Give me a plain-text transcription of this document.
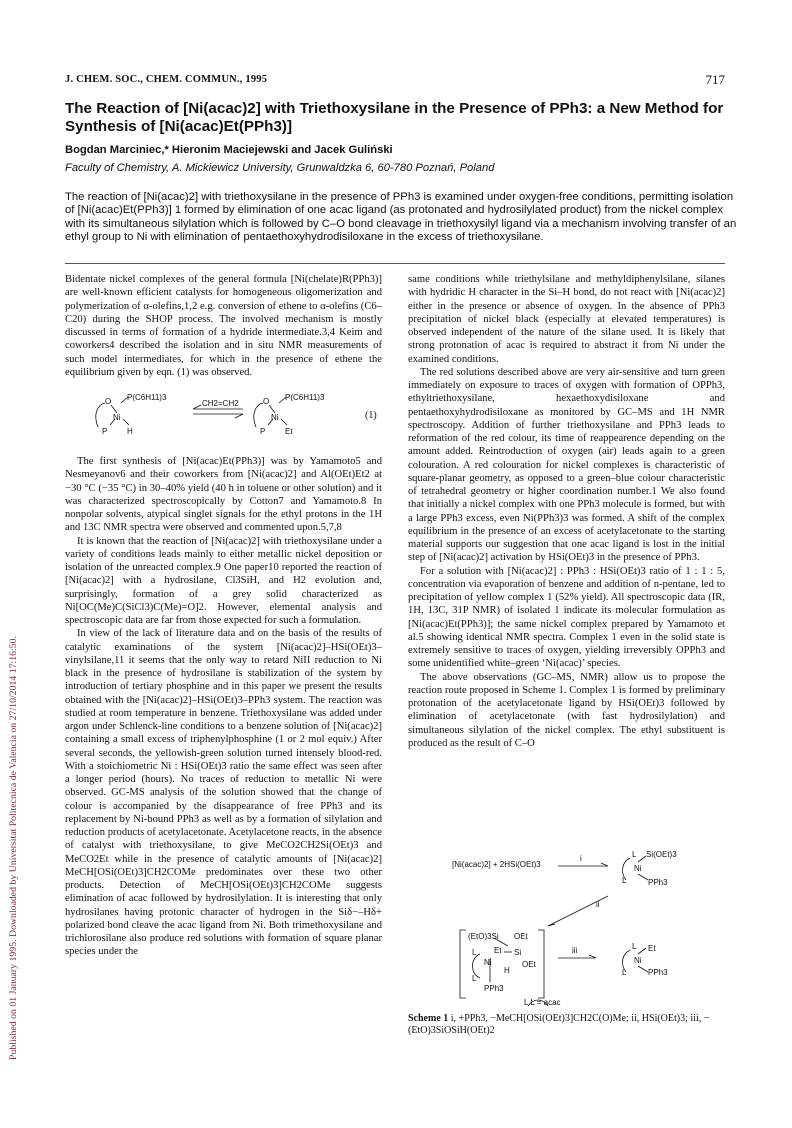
Published on 01 January 1995. Downloaded by Universitat Politecnica de Valencia on 27/10/2014 17:16:50.
J. CHEM. SOC., CHEM. COMMUN., 1995	717
The Reaction of [Ni(acac)2] with Triethoxysilane in the Presence of PPh3: a New Method for Synthesis of [Ni(acac)Et(PPh3)]
Bogdan Marciniec,* Hieronim Maciejewski and Jacek Guliński
Faculty of Chemistry, A. Mickiewicz University, Grunwaldzka 6, 60-780 Poznań, Poland
The reaction of [Ni(acac)2] with triethoxysilane in the presence of PPh3 is examined under oxygen-free conditions, permitting isolation of [Ni(acac)Et(PPh3)] 1 formed by elimination of one acac ligand (as protonated and hydrosilylated product) from the nickel complex with its simultaneous silylation which is followed by C–O bond cleavage in triethoxysilyl ligand via a mechanism involving transfer of an ethyl group to Ni with elimination of pentaethoxyhydrodisiloxane in the excess of triethoxysilane.

Bidentate nickel complexes of the general formula [Ni(chelate)R(PPh3)] are well-known efficient catalysts for homogeneous oligomerization and polymerization of α-olefins,1,2 e.g. conversion of ethene to α-olefins (C6–C20) during the SHOP process. The involved mechanism is mostly discussed in terms of formation of a hydride intermediate.3,4 Keim and coworkers4 described the isolation and in situ NMR measurements of such model intermediates, for which in the presence of ethene the equilibrium given by eqn. (1) was observed.

O P(C6H11)3
Ni
P H
CH2=CH2	O P(C6H11)3
Ni
P Et
(1)

The first synthesis of [Ni(acac)Et(PPh3)] was by Yamamoto5 and Nesmeyanov6 and their coworkers from [Ni(acac)2] and Al(OEt)Et2 at −30 °C (−35 °C) in 30–40% yield (40 h in toluene or other solution) and it was characterized spectroscopically by Cotton7 and Yamamoto.8 In nonpolar solvents, atypical singlet signals for the ethyl protons in the 1H and 13C NMR spectra were observed and commented upon.5,7,8

It is known that the reaction of [Ni(acac)2] with triethoxysilane under a variety of conditions leads mainly to either metallic nickel deposition or isolation of the unreacted complex.9 One paper10 reported the reaction of [Ni(acac)2] with a hydrosilane, Cl3SiH, and H2 evolution and, surprisingly, formation of a grey solid characterized as Ni[OC(Me)C(SiCl3)C(Me)=O]2. However, elemental analysis and spectroscopic data are far from those expected for such a formulation.

In view of the lack of literature data and on the basis of the results of catalytic examinations of the system [Ni(acac)2]–HSi(OEt)3–vinylsilane,11 it seems that the only way to retard NiII reduction to Ni black in the presence of hydrosilane is stabilization of the system by introduction of tertiary phosphine and in this paper we present the results obtained with the [Ni(acac)2]–HSi(OEt)3–PPh3 system. The reaction was studied at room temperature in benzene. Triethoxysilane was added under argon under Schlenck-line conditions to a benzene solution of [Ni(acac)2] containing a small excess of triphenylphosphine (1 or 2 mol equiv.) After several seconds, the yellowish-green solution turned intensely blood-red. With a stoichiometric Ni : HSi(OEt)3 ratio the same effect was seen after a longer period (hours). No traces of reduction to metallic Ni were observed. GC-MS analysis of the solution showed that the change of colour is accompanied by the disappearance of free PPh3 and its replacement by Ni-bound PPh3 as well as by a formation of silylation and reduction products of acetylacetonate. Acetylacetone reacts, in the absence of catalyst with triethoxysilane, to give MeCO2CH2Si(OEt)3 and MeCO2Et while in the presence of catalytic amounts of [Ni(acac)2] MeCH[OSi(OEt)3]CH2COMe predominates over these two other products. Detection of MeCH[OSi(OEt)3]CH2COMe suggests elimination of acac followed by hydrosilylation. It is interesting that only hydrosilanes having protonic character of hydrogen in the Siδ−–Hδ+ polarized bond cleave the acac ligand from Ni. Both trimethoxysilane and trichlorosilane also produce red solutions with formation of square planar species under the

same conditions while triethylsilane and methyldiphenylsilane, silanes with hydridic H character in the Si–H bond, do not react with [Ni(acac)2] either in the presence or absence of oxygen. In the absence of PPh3 precipitation of nickel black (especially at elevated temperatures) is observed independent of the nature of the silane used. It is likely that strong protonation of acac is required to abstract it from Ni under the examined conditions.

The red solutions described above are very air-sensitive and turn green immediately on exposure to traces of oxygen with formation of OPPh3, ethyltriethoxysilane, hexaethoxydisiloxane and pentaethoxyhydrodisiloxane as monitored by GC–MS and 1H NMR spectroscopy. Addition of further triethoxysilane and PPh3 leads to reformation of the red colour, its time of reappearence depending on the amount added. Reintroduction of oxygen (air) leads again to a green colouration. A red colouration for nickel complexes is characteristic of square-planar geometry, as opposed to a green–blue colour characteristic of tetrahedral geometry or higher coordination number.1 We also found that initially a nickel complex with one PPh3 molecule is formed, but with a large PPh3 excess, even Ni(PPh3)3 was formed. A shift of the complex equilibrium in the presence of an excess of acetylacetonate to the starting material supports our suggestion that one acac ligand is lost in the initial step of [Ni(acac)2] activation by HSi(OEt)3 in the presence of PPh3.

For a solution with [Ni(acac)2] : PPh3 : HSi(OEt)3 ratio of 1 : 1 : 5, concentration via evaporation of benzene and addition of n-pentane, led to precipitation of yellow complex 1 (52% yield). All spectroscopic data (IR, 1H, 13C, 31P NMR) of isolated 1 indicate its molecular formulation as [Ni(acac)Et(PPh3)]; the same nickel complex prepared by Yamamoto et al.5 showing identical NMR spectra. Complex 1 even in the solid state is extremely sensitive to traces of oxygen, yielding irreversibly OPPh3 and some unidentified white–green ‘Ni(acac)’ species.

The above observations (GC–MS, NMR) allow us to propose the reaction route proposed in Scheme 1. Complex 1 is formed by preliminary protonation of the acetylacetonate ligand by HSi(OEt)3 followed by elimination of acetylacetonate (with fast hydrosilylation) and simultaneous silylation of the nickel complex. The ethyl substituent is produced as the result of C–O

[Ni(acac)2] + 2HSi(OEt)3
i	L Si(OEt)3
Ni
L	PPh3
ii
(EtO)3Si OEt
Et Si
OEt
Ni
H
L
L
PPh3
iii	L Et
Ni
L	PPh3
L L = acac
Scheme 1 i, +PPh3, −MeCH[OSi(OEt)3]CH2C(O)Me; ii, HSi(OEt)3; iii, −(EtO)3SiOSiH(OEt)2
